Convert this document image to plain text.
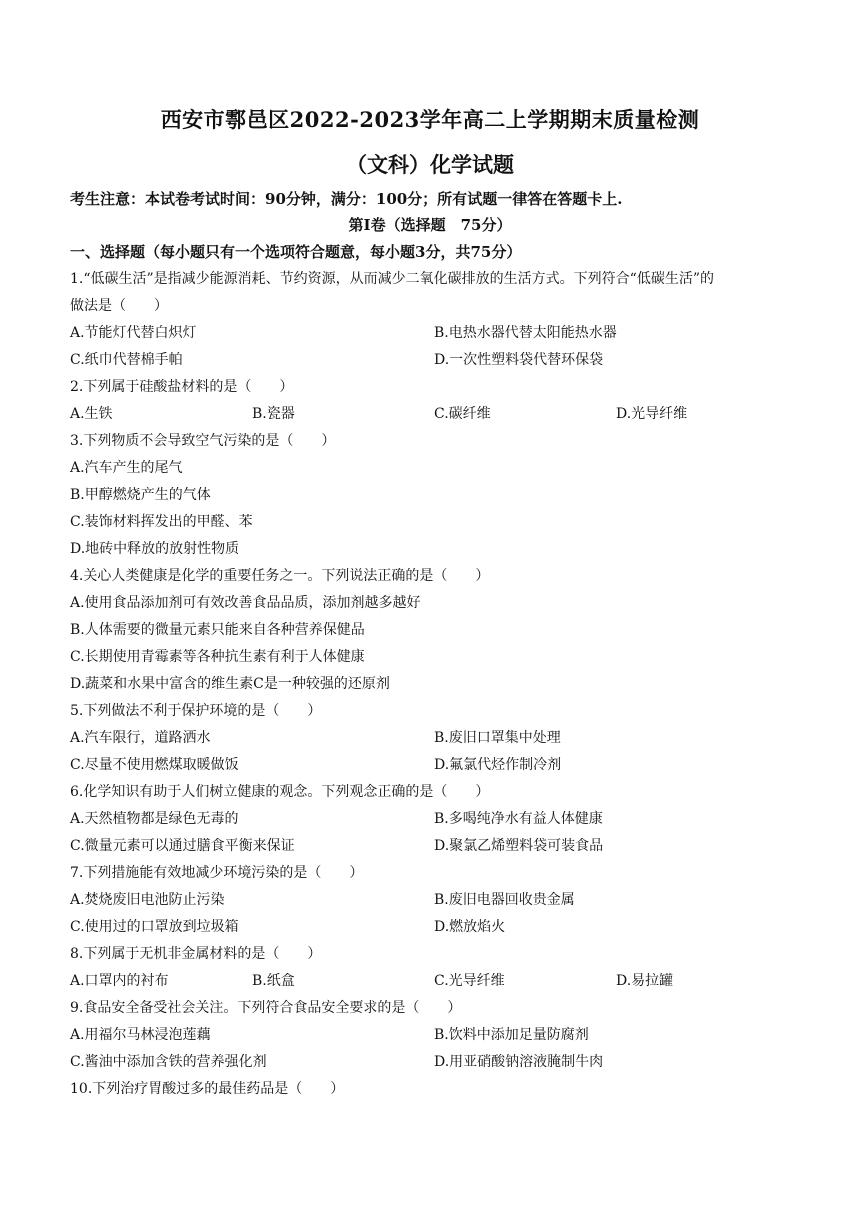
西安市鄠邑区2022-2023学年高二上学期期末质量检测
（文科）化学试题
考生注意：本试卷考试时间：90分钟，满分：100分；所有试题一律答在答题卡上.
第Ⅰ卷（选择题　75分）
一、选择题（每小题只有一个选项符合题意，每小题3分，共75分）
1.“低碳生活”是指减少能源消耗、节约资源，从而减少二氧化碳排放的生活方式。下列符合“低碳生活”的
做法是（　　）
A.节能灯代替白炽灯	B.电热水器代替太阳能热水器
C.纸巾代替棉手帕	D.一次性塑料袋代替环保袋
2.下列属于硅酸盐材料的是（　　）
A.生铁	B.瓷器	C.碳纤维	D.光导纤维
3.下列物质不会导致空气污染的是（　　）
A.汽车产生的尾气
B.甲醇燃烧产生的气体
C.装饰材料挥发出的甲醛、苯
D.地砖中释放的放射性物质
4.关心人类健康是化学的重要任务之一。下列说法正确的是（　　）
A.使用食品添加剂可有效改善食品品质，添加剂越多越好
B.人体需要的微量元素只能来自各种营养保健品
C.长期使用青霉素等各种抗生素有利于人体健康
D.蔬菜和水果中富含的维生素C是一种较强的还原剂
5.下列做法不利于保护环境的是（　　）
A.汽车限行，道路洒水	B.废旧口罩集中处理
C.尽量不使用燃煤取暖做饭	D.氟氯代烃作制冷剂
6.化学知识有助于人们树立健康的观念。下列观念正确的是（　　）
A.天然植物都是绿色无毒的	B.多喝纯净水有益人体健康
C.微量元素可以通过膳食平衡来保证	D.聚氯乙烯塑料袋可装食品
7.下列措施能有效地减少环境污染的是（　　）
A.焚烧废旧电池防止污染	B.废旧电器回收贵金属
C.使用过的口罩放到垃圾箱	D.燃放焰火
8.下列属于无机非金属材料的是（　　）
A.口罩内的衬布	B.纸盒	C.光导纤维	D.易拉罐
9.食品安全备受社会关注。下列符合食品安全要求的是（　　）
A.用福尔马林浸泡莲藕	B.饮料中添加足量防腐剂
C.酱油中添加含铁的营养强化剂	D.用亚硝酸钠溶液腌制牛肉
10.下列治疗胃酸过多的最佳药品是（　　）
